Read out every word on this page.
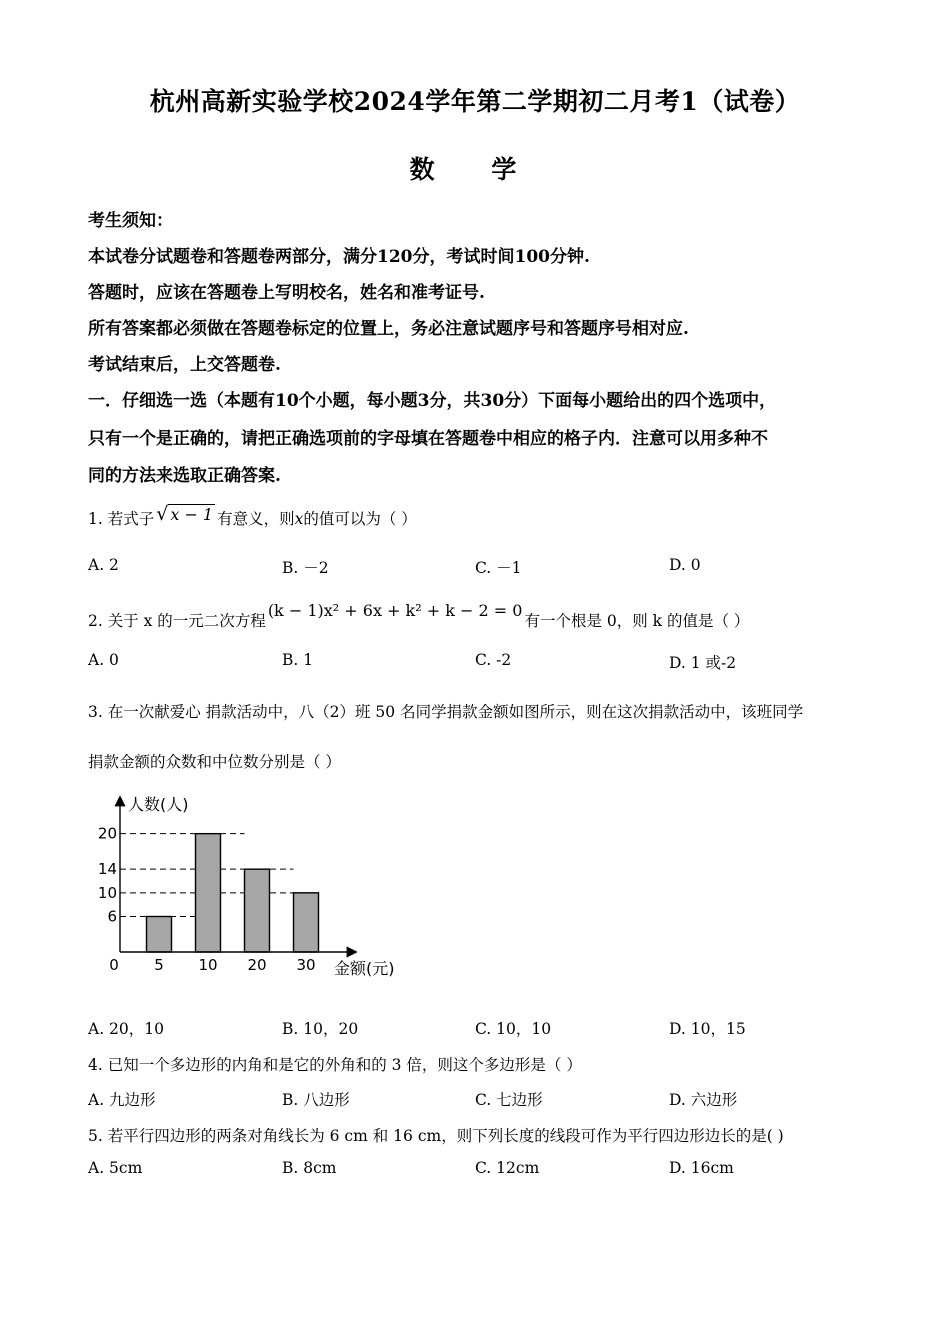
杭州高新实验学校2024学年第二学期初二月考1（试卷）
数 学
考生须知：
本试卷分试题卷和答题卷两部分，满分120分，考试时间100分钟.
答题时，应该在答题卷上写明校名，姓名和准考证号.
所有答案都必须做在答题卷标定的位置上，务必注意试题序号和答题序号相对应.
考试结束后，上交答题卷.
一．仔细选一选（本题有10个小题，每小题3分，共30分）下面每小题给出的四个选项中，
只有一个是正确的，请把正确选项前的字母填在答题卷中相应的格子内．注意可以用多种不
同的方法来选取正确答案.
1. 若式子 √ x − 1 有意义，则x的值可以为（ ）
A. 2	B. －2	C. －1	D. 0
2. 关于 x 的一元二次方程(k − 1)x² + 6x + k² + k − 2 = 0有一个根是 0，则 k 的值是（ ）
A. 0	B. 1	C. -2	D. 1 或-2
3. 在一次献爱心 捐款活动中，八（2）班 50 名同学捐款金额如图所示，则在这次捐款活动中，该班同学
捐款金额的众数和中位数分别是（ ）
6
10
14
20
5 10 20 30
人数(人)
金额(元)
0
A. 20，10	B. 10，20	C. 10，10	D. 10，15
4. 已知一个多边形的内角和是它的外角和的 3 倍，则这个多边形是（ ）
A. 九边形	B. 八边形	C. 七边形	D. 六边形
5. 若平行四边形的两条对角线长为 6 cm 和 16 cm，则下列长度的线段可作为平行四边形边长的是( )
A. 5cm	B. 8cm	C. 12cm	D. 16cm
